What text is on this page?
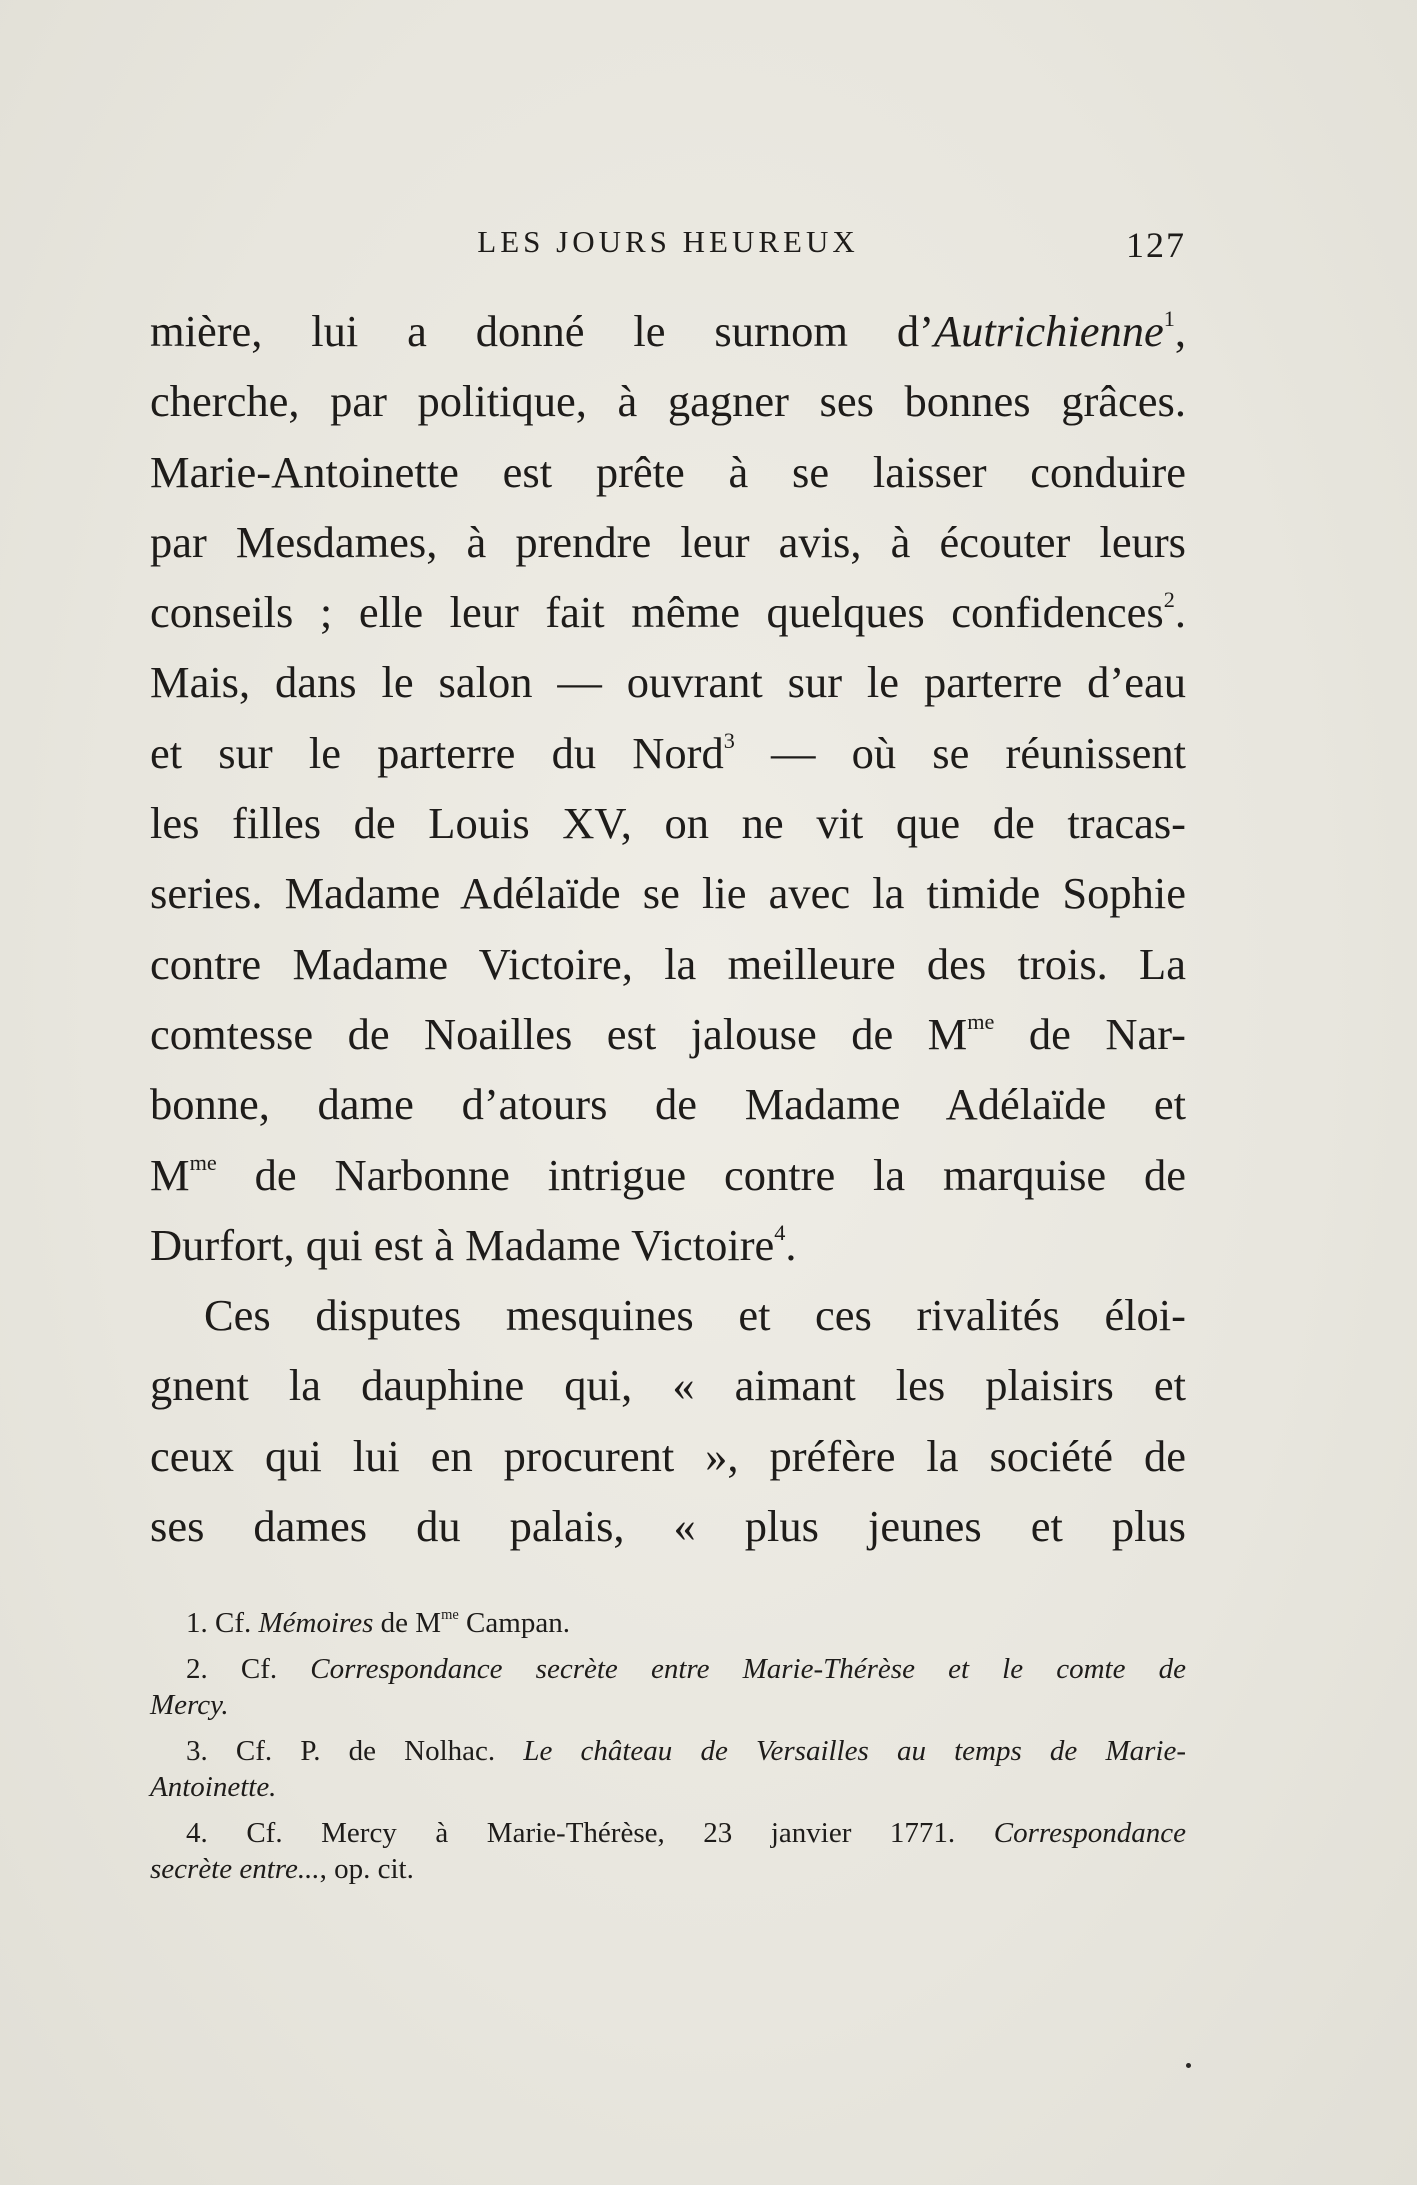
LES JOURS HEUREUX	127
mière, lui a donné le surnom d’Autrichienne$^1$,
cherche, par politique, à gagner ses bonnes grâces.
Marie-Antoinette est prête à se laisser conduire
par Mesdames, à prendre leur avis, à écouter leurs
conseils ; elle leur fait même quelques confidences$^2$.
Mais, dans le salon — ouvrant sur le parterre d’eau
et sur le parterre du Nord$^3$ — où se réunissent
les filles de Louis XV, on ne vit que de tracas-
series. Madame Adélaïde se lie avec la timide Sophie
contre Madame Victoire, la meilleure des trois. La
comtesse de Noailles est jalouse de $M^{me}$ de Nar-
bonne, dame d’atours de Madame Adélaïde et
$M^{me}$ de Narbonne intrigue contre la marquise de
Durfort, qui est à Madame Victoire$^4$.
Ces disputes mesquines et ces rivalités éloi-
gnent la dauphine qui, « aimant les plaisirs et
ceux qui lui en procurent », préfère la société de
ses dames du palais, « plus jeunes et plus
1. Cf. Mémoires de $M^{me}$ Campan.
2. Cf. Correspondance secrète entre Marie-Thérèse et le comte de
Mercy.
3. Cf. P. de Nolhac. Le château de Versailles au temps de Marie-
Antoinette.
4. Cf. Mercy à Marie-Thérèse, 23 janvier 1771. Correspondance
secrète entre..., op. cit.
